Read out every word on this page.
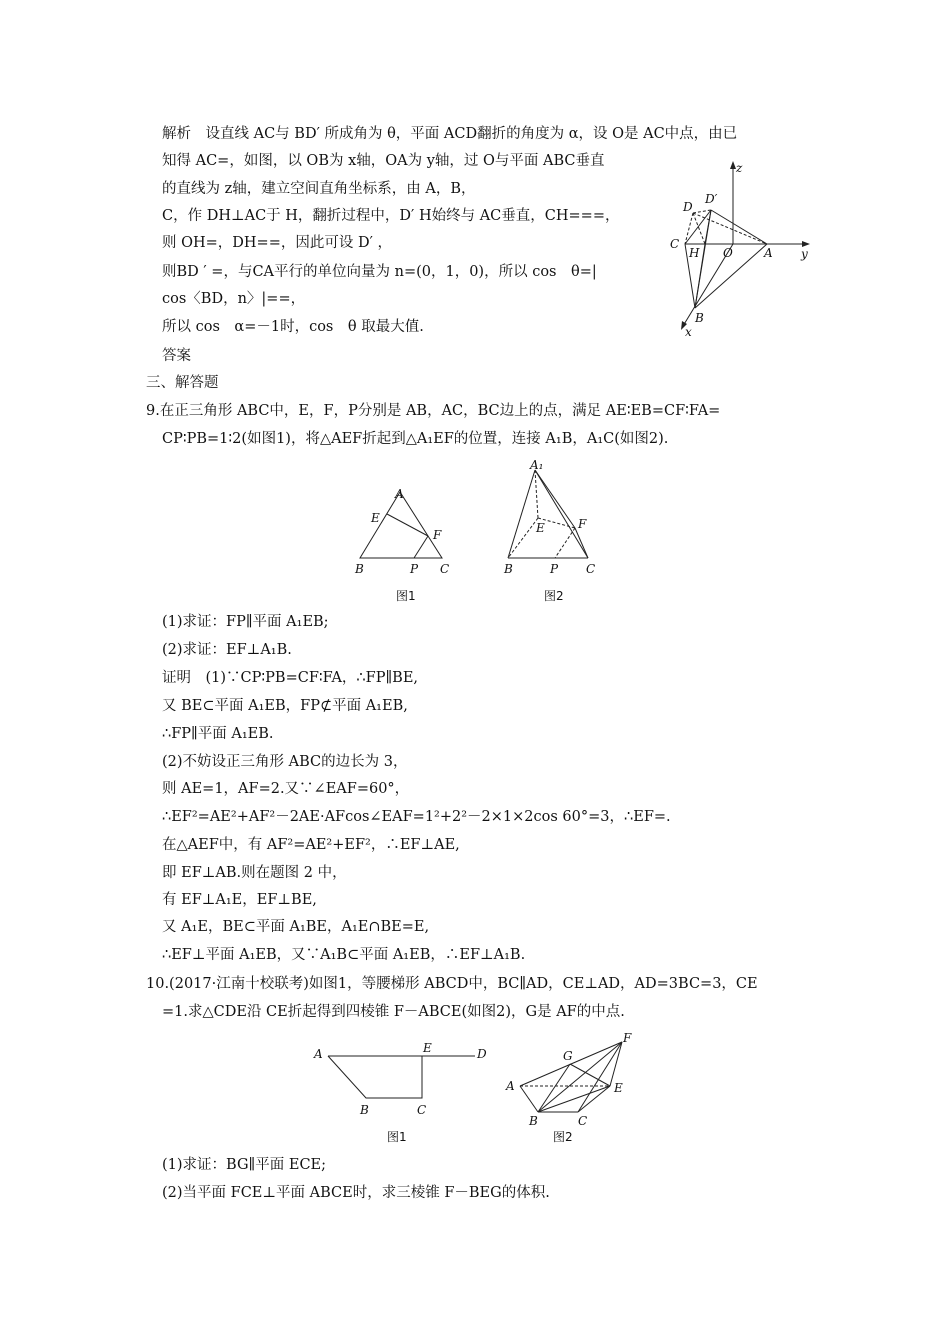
解析　设直线 AC与 BD′ 所成角为 θ，平面 ACD翻折的角度为 α，设 O是 AC中点，由已
知得 AC=，如图，以 OB为 x轴，OA为 y轴，过 O与平面 ABC垂直
的直线为 z轴，建立空间直角坐标系，由 A，B，
C，作 DH⊥AC于 H，翻折过程中，D′ H始终与 AC垂直，CH===，
则 OH=，DH==，因此可设 D′ ，
则BD ′ =，与CA平行的单位向量为 n=(0，1，0)，所以 cos　θ=|
cos〈BD，n〉|==，
所以 cos　α=－1时，cos　θ 取最大值.
答案
z
D
D′
C
H O	A y
B
x
三、解答题
9.在正三角形 ABC中，E，F，P分别是 AB，AC，BC边上的点，满足 AE∶EB=CF∶FA=
CP∶PB=1∶2(如图1)，将△AEF折起到△A₁EF的位置，连接 A₁B，A₁C(如图2).
A
E
F
B	P C
图1
A₁
E	F
B	P C
图2
(1)求证：FP∥平面 A₁EB;
(2)求证：EF⊥A₁B.
证明　(1)∵CP∶PB=CF∶FA，∴FP∥BE,
又 BE⊂平面 A₁EB，FP⊄平面 A₁EB,
∴FP∥平面 A₁EB.
(2)不妨设正三角形 ABC的边长为 3，
则 AE=1，AF=2.又∵∠EAF=60°，
∴EF²=AE²+AF²－2AE·AFcos∠EAF=1²+2²－2×1×2cos 60°=3，∴EF=.
在△AEF中，有 AF²=AE²+EF²，∴EF⊥AE,
即 EF⊥AB.则在题图 2 中，
有 EF⊥A₁E，EF⊥BE,
又 A₁E，BE⊂平面 A₁BE，A₁E∩BE=E,
∴EF⊥平面 A₁EB，又∵A₁B⊂平面 A₁EB，∴EF⊥A₁B.
10.(2017·江南十校联考)如图1，等腰梯形 ABCD中，BC∥AD，CE⊥AD，AD=3BC=3，CE
=1.求△CDE沿 CE折起得到四棱锥 F－ABCE(如图2)，G是 AF的中点.
A	E	D
B	C
图1
G
F
A	E
B	C
图2
(1)求证：BG∥平面 ECE;
(2)当平面 FCE⊥平面 ABCE时，求三棱锥 F－BEG的体积.
